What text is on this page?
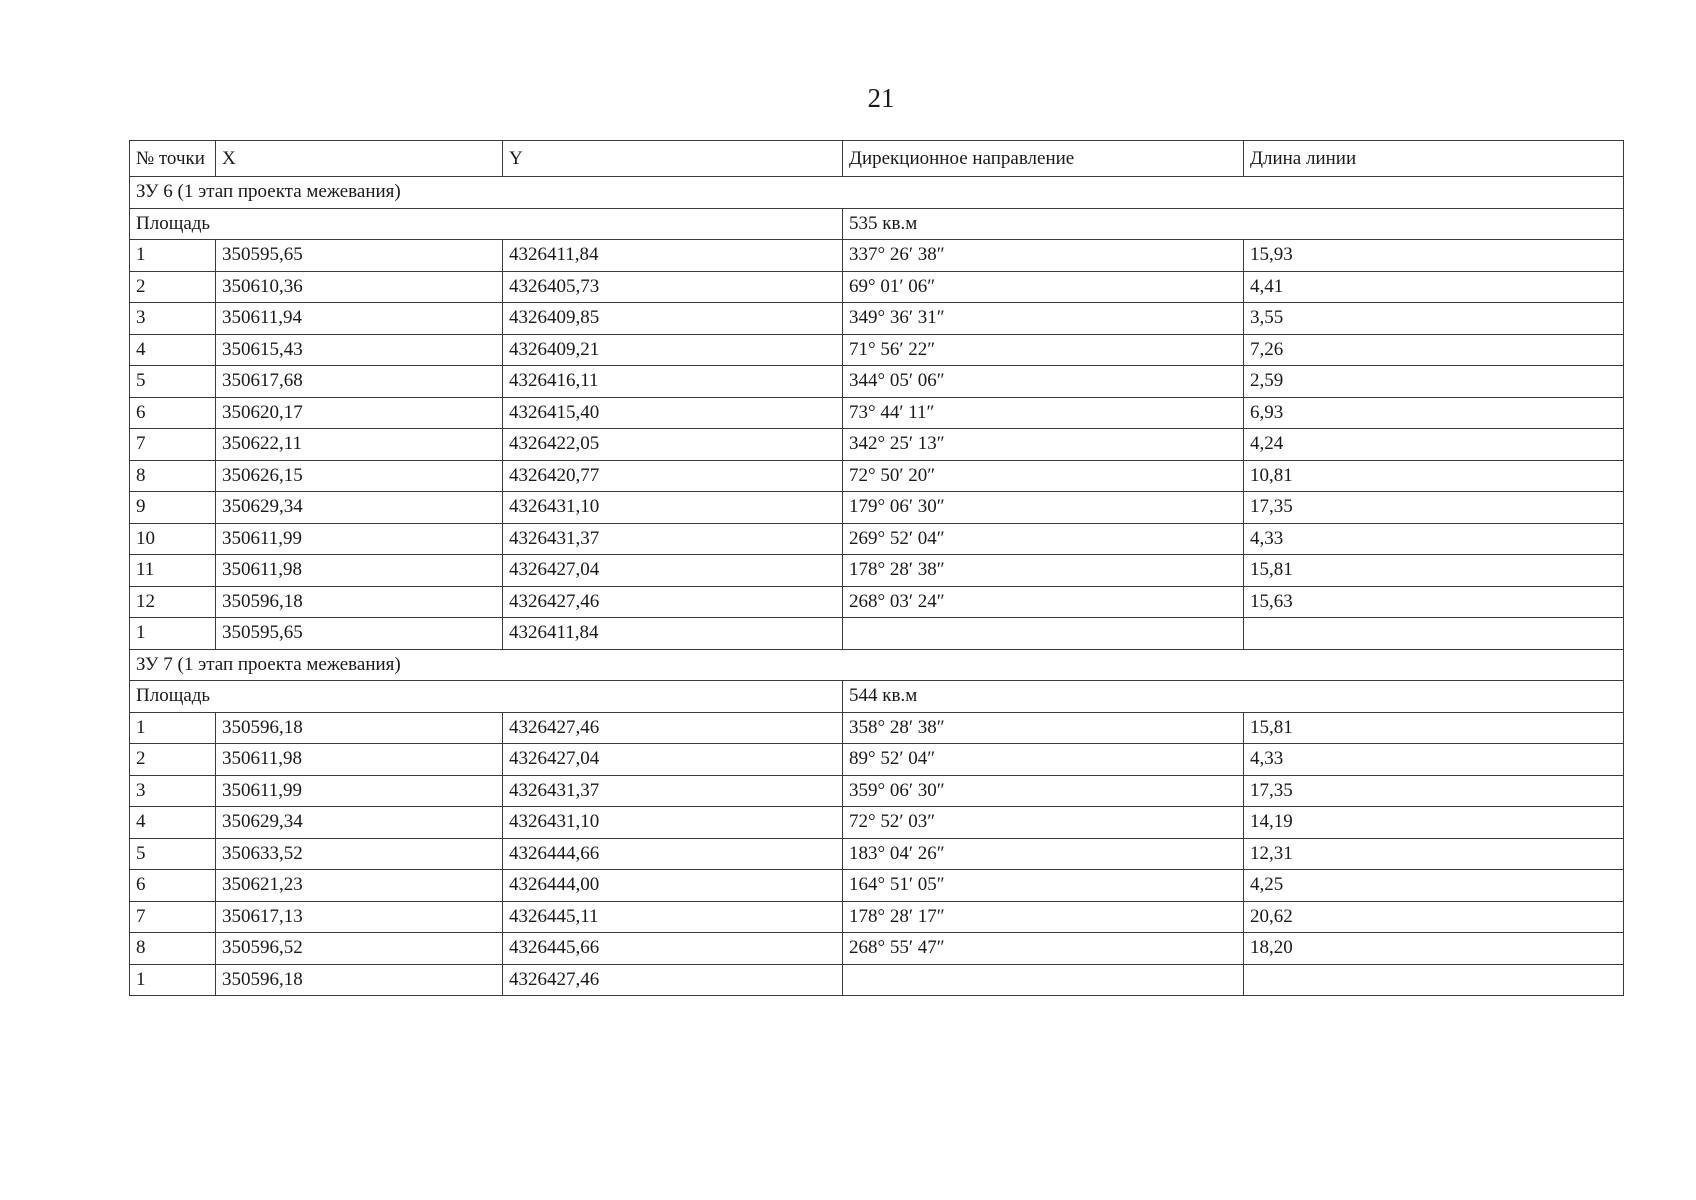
21
№ точки	X	Y	Дирекционное направление	Длина линии
ЗУ 6 (1 этап проекта межевания)				
Площадь			535 кв.м	
1	350595,65	4326411,84	337° 26′ 38″	15,93
2	350610,36	4326405,73	69° 01′ 06″	4,41
3	350611,94	4326409,85	349° 36′ 31″	3,55
4	350615,43	4326409,21	71° 56′ 22″	7,26
5	350617,68	4326416,11	344° 05′ 06″	2,59
6	350620,17	4326415,40	73° 44′ 11″	6,93
7	350622,11	4326422,05	342° 25′ 13″	4,24
8	350626,15	4326420,77	72° 50′ 20″	10,81
9	350629,34	4326431,10	179° 06′ 30″	17,35
10	350611,99	4326431,37	269° 52′ 04″	4,33
11	350611,98	4326427,04	178° 28′ 38″	15,81
12	350596,18	4326427,46	268° 03′ 24″	15,63
1	350595,65	4326411,84		
ЗУ 7 (1 этап проекта межевания)				
Площадь			544 кв.м	
1	350596,18	4326427,46	358° 28′ 38″	15,81
2	350611,98	4326427,04	89° 52′ 04″	4,33
3	350611,99	4326431,37	359° 06′ 30″	17,35
4	350629,34	4326431,10	72° 52′ 03″	14,19
5	350633,52	4326444,66	183° 04′ 26″	12,31
6	350621,23	4326444,00	164° 51′ 05″	4,25
7	350617,13	4326445,11	178° 28′ 17″	20,62
8	350596,52	4326445,66	268° 55′ 47″	18,20
1	350596,18	4326427,46		
